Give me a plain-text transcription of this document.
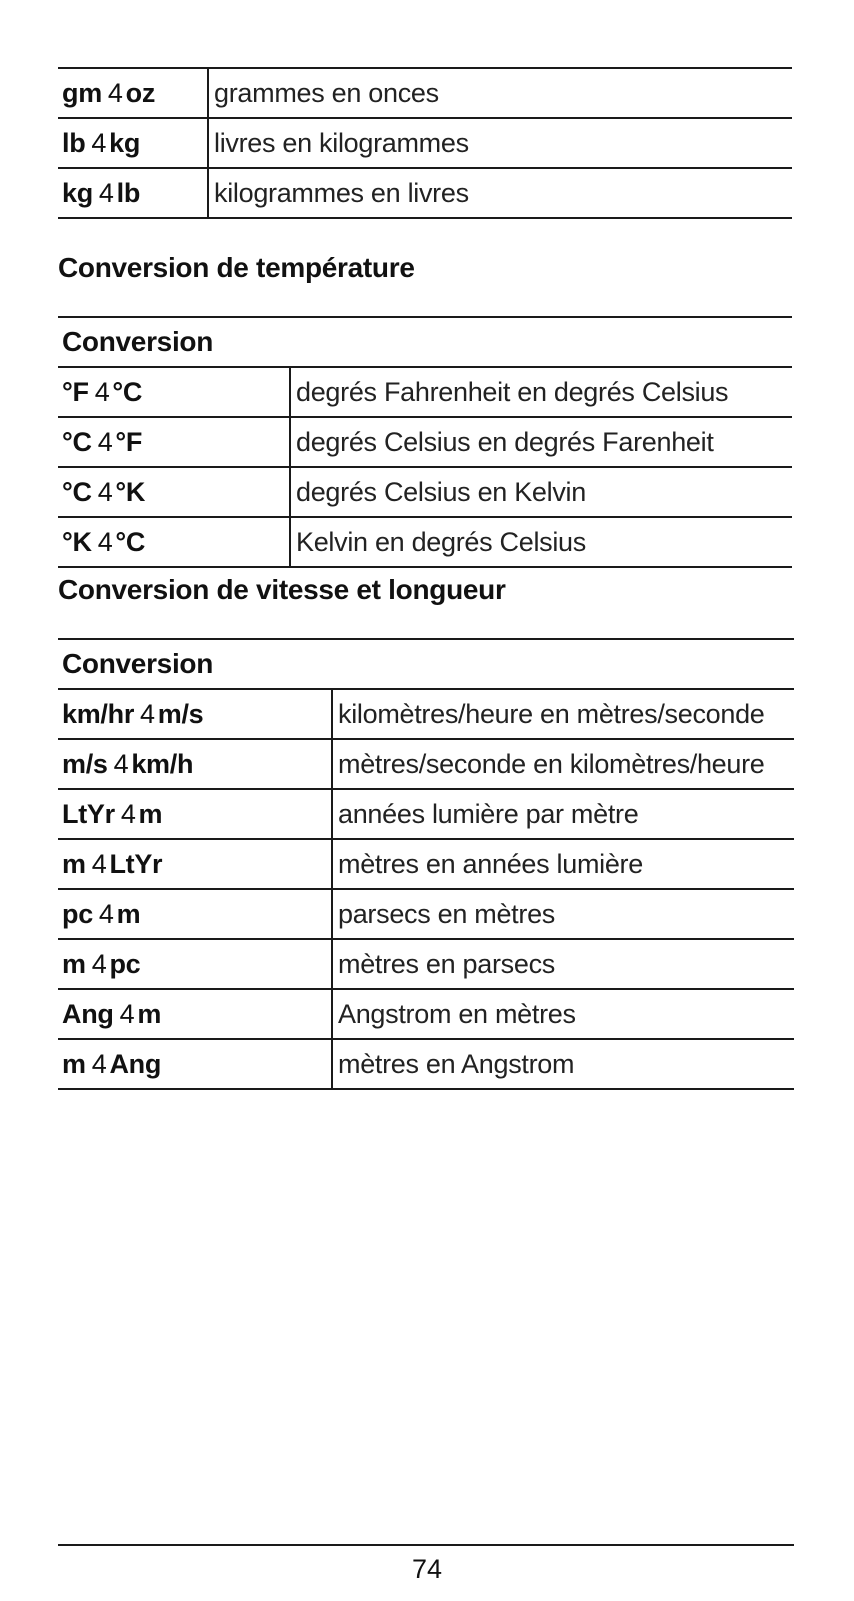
gm 4 oz	grammes en onces
lb 4 kg	livres en kilogrammes
kg 4 lb	kilogrammes en livres
Conversion de température
Conversion	
°F 4 °C	degrés Fahrenheit en degrés Celsius
°C 4 °F	degrés Celsius en degrés Farenheit
°C 4 °K	degrés Celsius en Kelvin
°K 4 °C	Kelvin en degrés Celsius
Conversion de vitesse et longueur
Conversion	
km/hr 4 m/s	kilomètres/heure en mètres/seconde
m/s 4 km/h	mètres/seconde en kilomètres/heure
LtYr 4 m	années lumière par mètre
m 4 LtYr	mètres en années lumière
pc 4 m	parsecs en mètres
m 4 pc	mètres en parsecs
Ang 4 m	Angstrom en mètres
m 4 Ang	mètres en Angstrom
74
